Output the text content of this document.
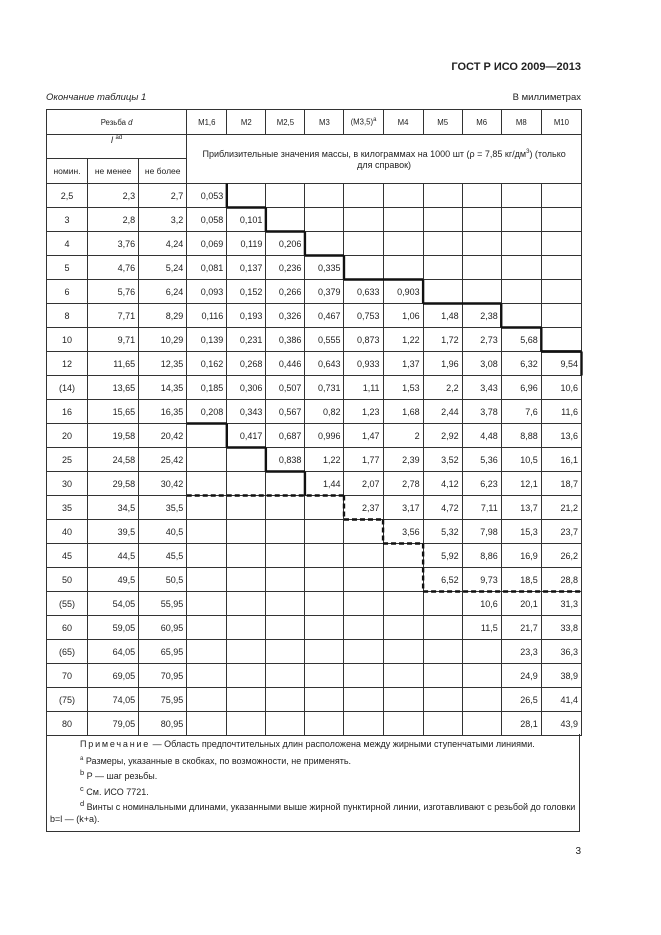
ГОСТ Р ИСО 2009—2013
Окончание таблицы 1	В миллиметрах
Резьба d			M1,6	M2	M2,5	M3	$(M3,5)^a$	M4	M5	M6	M8	M10
l $^{ad}$			Приблизительные значения массы, в килограммах на 1000 шт (ρ = 7,85 $кг/дм^3$) (только для справок)									
номин.	не менее	не более										
2,5	2,3	2,7	0,053									
3	2,8	3,2	0,058	0,101								
4	3,76	4,24	0,069	0,119	0,206							
5	4,76	5,24	0,081	0,137	0,236	0,335						
6	5,76	6,24	0,093	0,152	0,266	0,379	0,633	0,903				
8	7,71	8,29	0,116	0,193	0,326	0,467	0,753	1,06	1,48	2,38		
10	9,71	10,29	0,139	0,231	0,386	0,555	0,873	1,22	1,72	2,73	5,68	
12	11,65	12,35	0,162	0,268	0,446	0,643	0,933	1,37	1,96	3,08	6,32	9,54
(14)	13,65	14,35	0,185	0,306	0,507	0,731	1,11	1,53	2,2	3,43	6,96	10,6
16	15,65	16,35	0,208	0,343	0,567	0,82	1,23	1,68	2,44	3,78	7,6	11,6
20	19,58	20,42		0,417	0,687	0,996	1,47	2	2,92	4,48	8,88	13,6
25	24,58	25,42			0,838	1,22	1,77	2,39	3,52	5,36	10,5	16,1
30	29,58	30,42				1,44	2,07	2,78	4,12	6,23	12,1	18,7
35	34,5	35,5					2,37	3,17	4,72	7,11	13,7	21,2
40	39,5	40,5						3,56	5,32	7,98	15,3	23,7
45	44,5	45,5							5,92	8,86	16,9	26,2
50	49,5	50,5							6,52	9,73	18,5	28,8
(55)	54,05	55,95								10,6	20,1	31,3
60	59,05	60,95								11,5	21,7	33,8
(65)	64,05	65,95									23,3	36,3
70	69,05	70,95									24,9	38,9
(75)	74,05	75,95									26,5	41,4
80	79,05	80,95									28,1	43,9
Примечание — Область предпочтительных длин расположена между жирными ступенчатыми линиями.
$^a$ Размеры, указанные в скобках, по возможности, не применять.
$^b$ P — шаг резьбы.
$^c$ См. ИСО 7721.
$^d$ Винты с номинальными длинами, указанными выше жирной пунктирной линии, изготавливают с резьбой до головки b=l — (k+a).
3
